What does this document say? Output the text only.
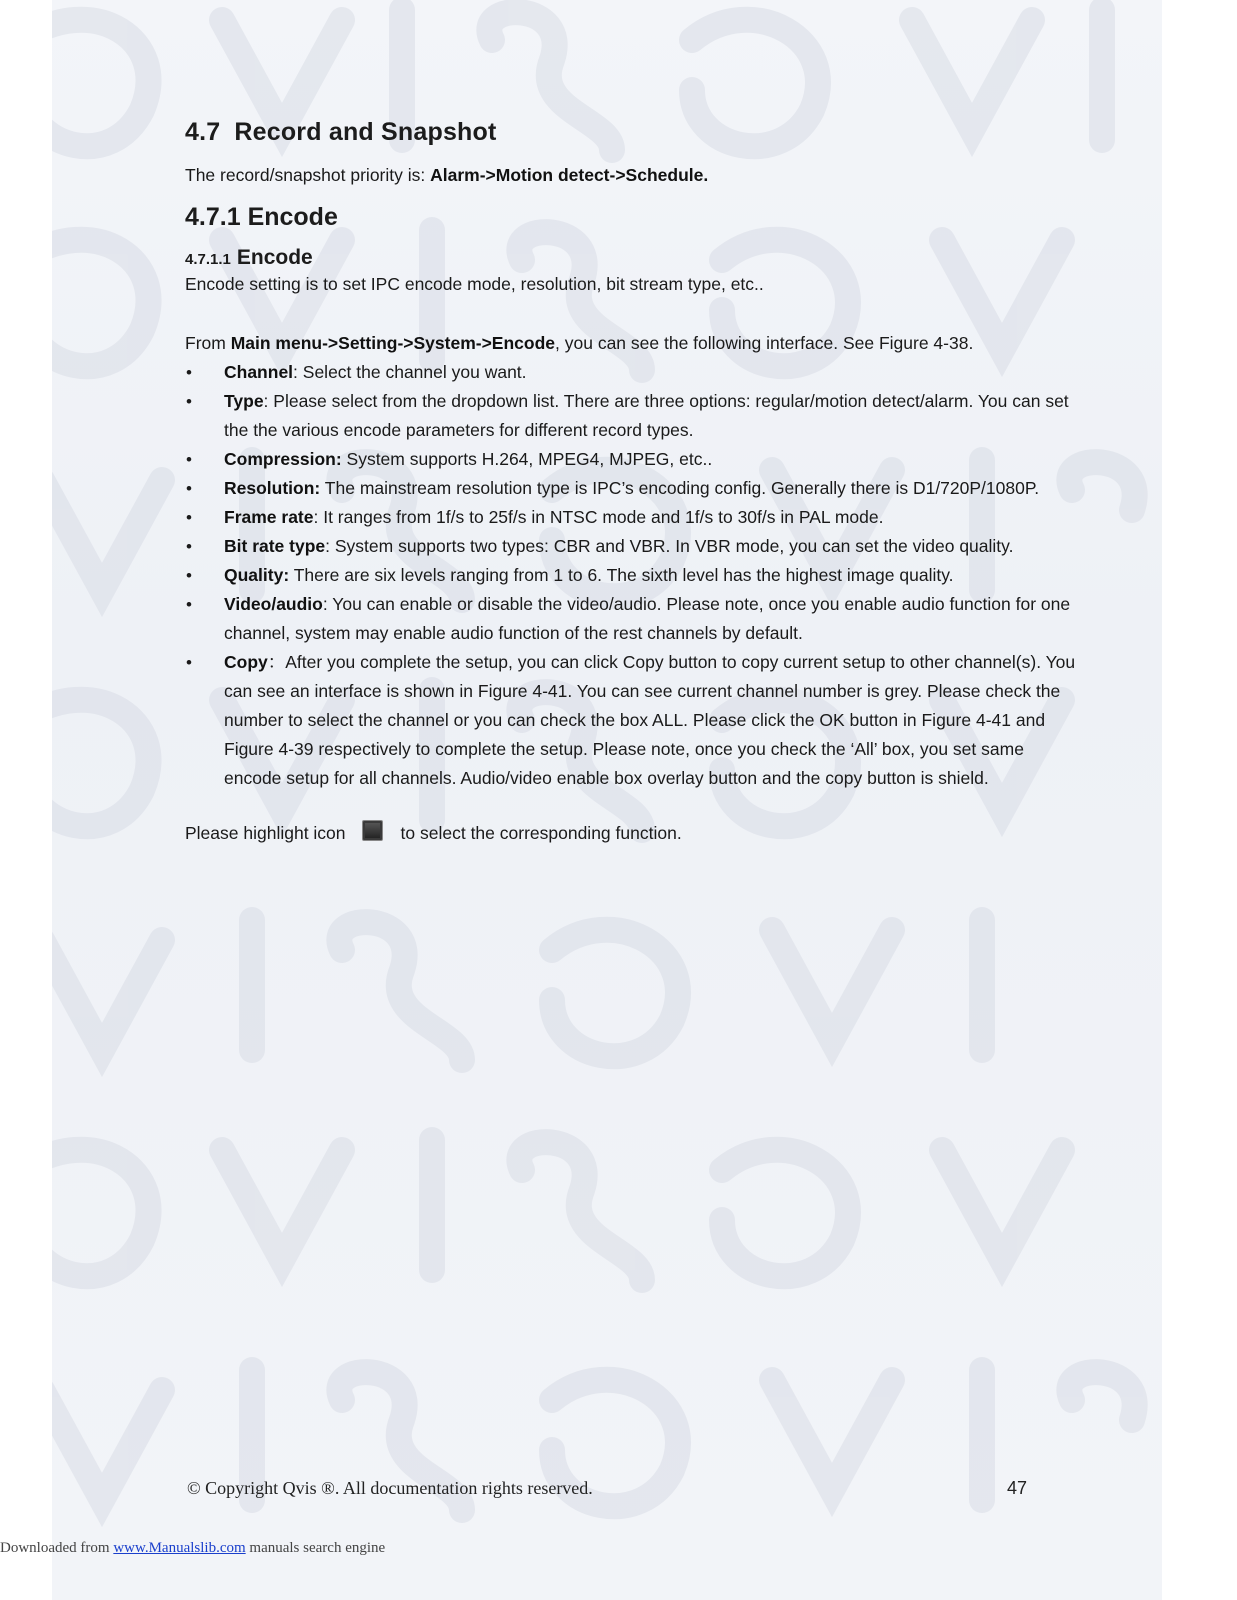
4.7 Record and Snapshot

The record/snapshot priority is: Alarm->Motion detect->Schedule.

4.7.1 Encode
4.7.1.1 Encode

Encode setting is to set IPC encode mode, resolution, bit stream type, etc..

From Main menu->Setting->System->Encode, you can see the following interface. See Figure 4-38.

• Channel: Select the channel you want.
• Type: Please select from the dropdown list. There are three options: regular/motion detect/alarm. You can set the the various encode parameters for different record types.
• Compression: System supports H.264, MPEG4, MJPEG, etc..
• Resolution: The mainstream resolution type is IPC’s encoding config. Generally there is D1/720P/1080P.
• Frame rate: It ranges from 1f/s to 25f/s in NTSC mode and 1f/s to 30f/s in PAL mode.
• Bit rate type: System supports two types: CBR and VBR. In VBR mode, you can set the video quality.
• Quality: There are six levels ranging from 1 to 6. The sixth level has the highest image quality.
• Video/audio: You can enable or disable the video/audio. Please note, once you enable audio function for one channel, system may enable audio function of the rest channels by default.
• Copy：After you complete the setup, you can click Copy button to copy current setup to other channel(s). You can see an interface is shown in Figure 4-41. You can see current channel number is grey. Please check the number to select the channel or you can check the box ALL. Please click the OK button in Figure 4-41 and Figure 4-39 respectively to complete the setup. Please note, once you check the ‘All’ box, you set same encode setup for all channels. Audio/video enable box overlay button and the copy button is shield.
Please highlight icon	to select the corresponding function.
© Copyright Qvis ®. All documentation rights reserved.	47
Downloaded from www.Manualslib.com manuals search engine
